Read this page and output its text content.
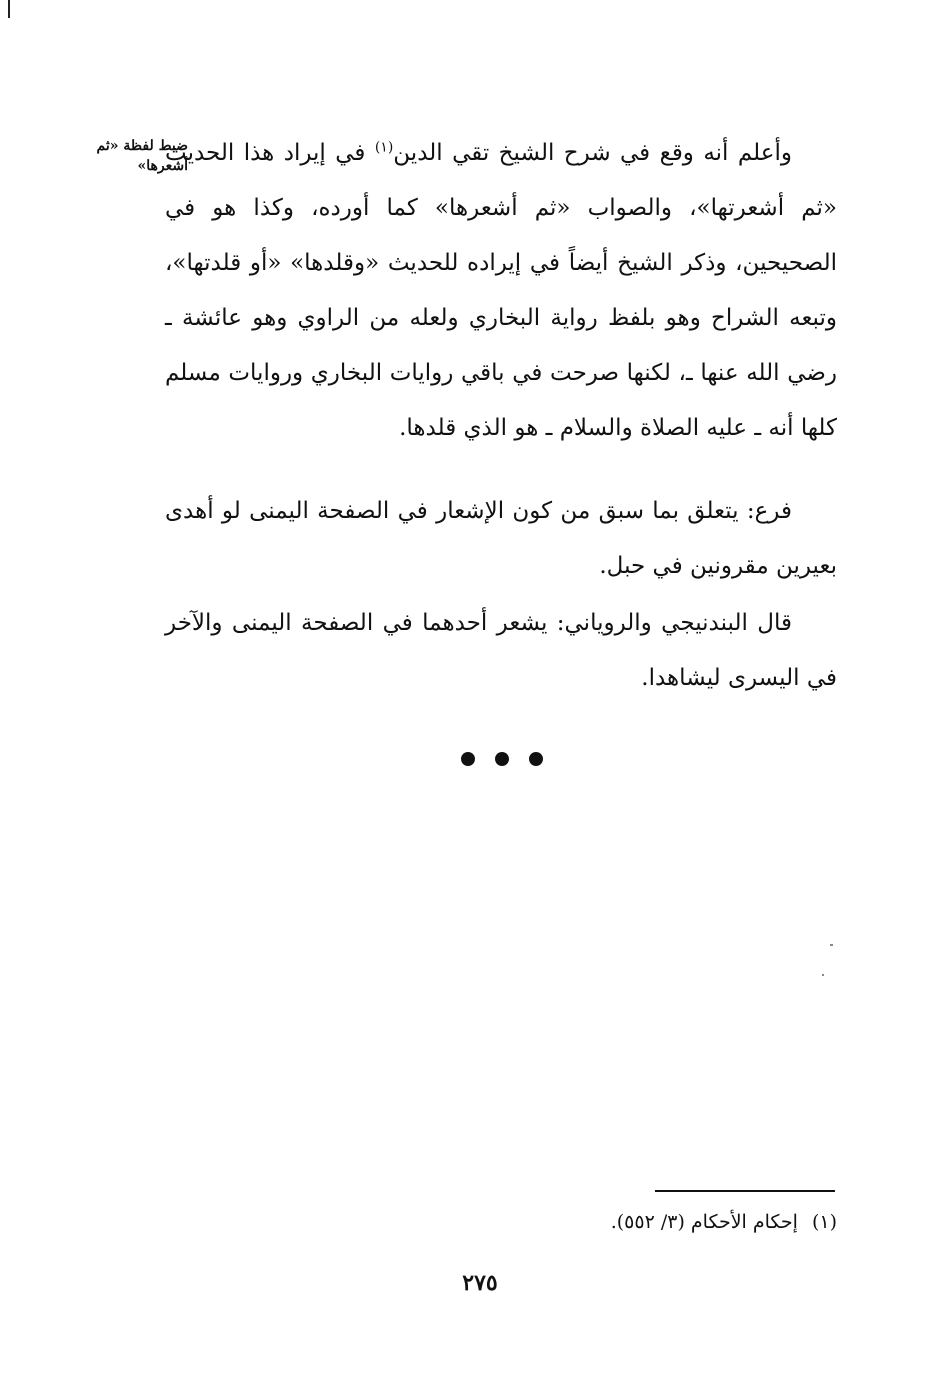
ضبط لفظة «ثم أشعرها»	وأعلم أنه وقع في شرح الشيخ تقي الدين$^{(١)}$ في إيراد هذا الحديث «ثم أشعرتها»، والصواب «ثم أشعرها» كما أورده، وكذا هو في الصحيحين، وذكر الشيخ أيضاً في إيراده للحديث «وقلدها» «أو قلدتها»، وتبعه الشراح وهو بلفظ رواية البخاري ولعله من الراوي وهو عائشة ـ رضي الله عنها ـ، لكنها صرحت في باقي روايات البخاري وروايات مسلم كلها أنه ـ عليه الصلاة والسلام ـ هو الذي قلدها.

فرع: يتعلق بما سبق من كون الإشعار في الصفحة اليمنى لو أهدى بعيرين مقرونين في حبل.

قال البندنيجي والروياني: يشعر أحدهما في الصفحة اليمنى والآخر في اليسرى ليشاهدا.

(١)إحكام الأحكام (٣/ ٥٥٢).
٢٧٥
